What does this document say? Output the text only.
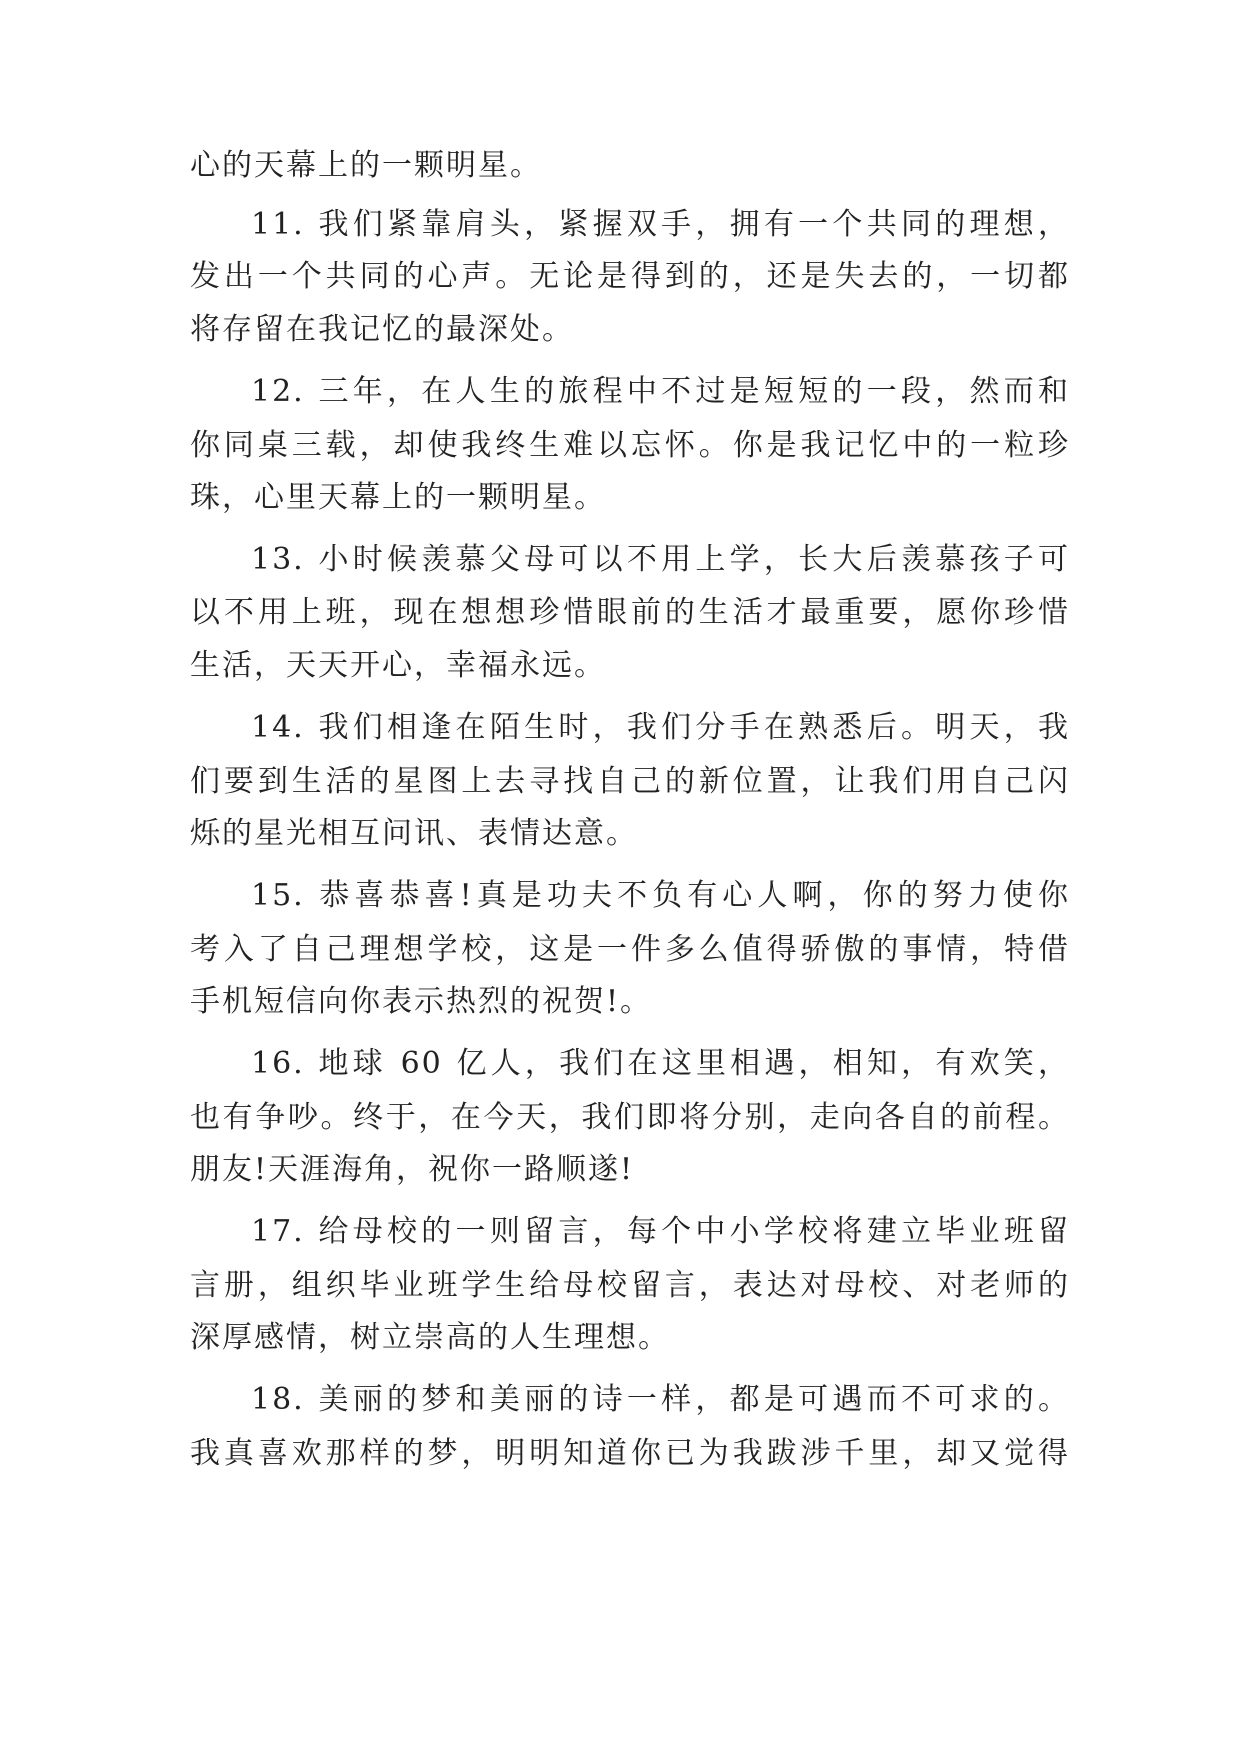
心的天幕上的一颗明星。
11. 我们紧靠肩头，紧握双手，拥有一个共同的理想，
发出一个共同的心声。无论是得到的，还是失去的，一切都
将存留在我记忆的最深处。
12. 三年，在人生的旅程中不过是短短的一段，然而和
你同桌三载，却使我终生难以忘怀。你是我记忆中的一粒珍
珠，心里天幕上的一颗明星。
13. 小时候羡慕父母可以不用上学，长大后羡慕孩子可
以不用上班，现在想想珍惜眼前的生活才最重要，愿你珍惜
生活，天天开心，幸福永远。
14. 我们相逢在陌生时，我们分手在熟悉后。明天，我
们要到生活的星图上去寻找自己的新位置，让我们用自己闪
烁的星光相互问讯、表情达意。
15. 恭喜恭喜!真是功夫不负有心人啊，你的努力使你
考入了自己理想学校，这是一件多么值得骄傲的事情，特借
手机短信向你表示热烈的祝贺!。
16. 地球 60 亿人，我们在这里相遇，相知，有欢笑，
也有争吵。终于，在今天，我们即将分别，走向各自的前程。
朋友!天涯海角，祝你一路顺遂!
17. 给母校的一则留言，每个中小学校将建立毕业班留
言册，组织毕业班学生给母校留言，表达对母校、对老师的
深厚感情，树立崇高的人生理想。
18. 美丽的梦和美丽的诗一样，都是可遇而不可求的。
我真喜欢那样的梦，明明知道你已为我跋涉千里，却又觉得
